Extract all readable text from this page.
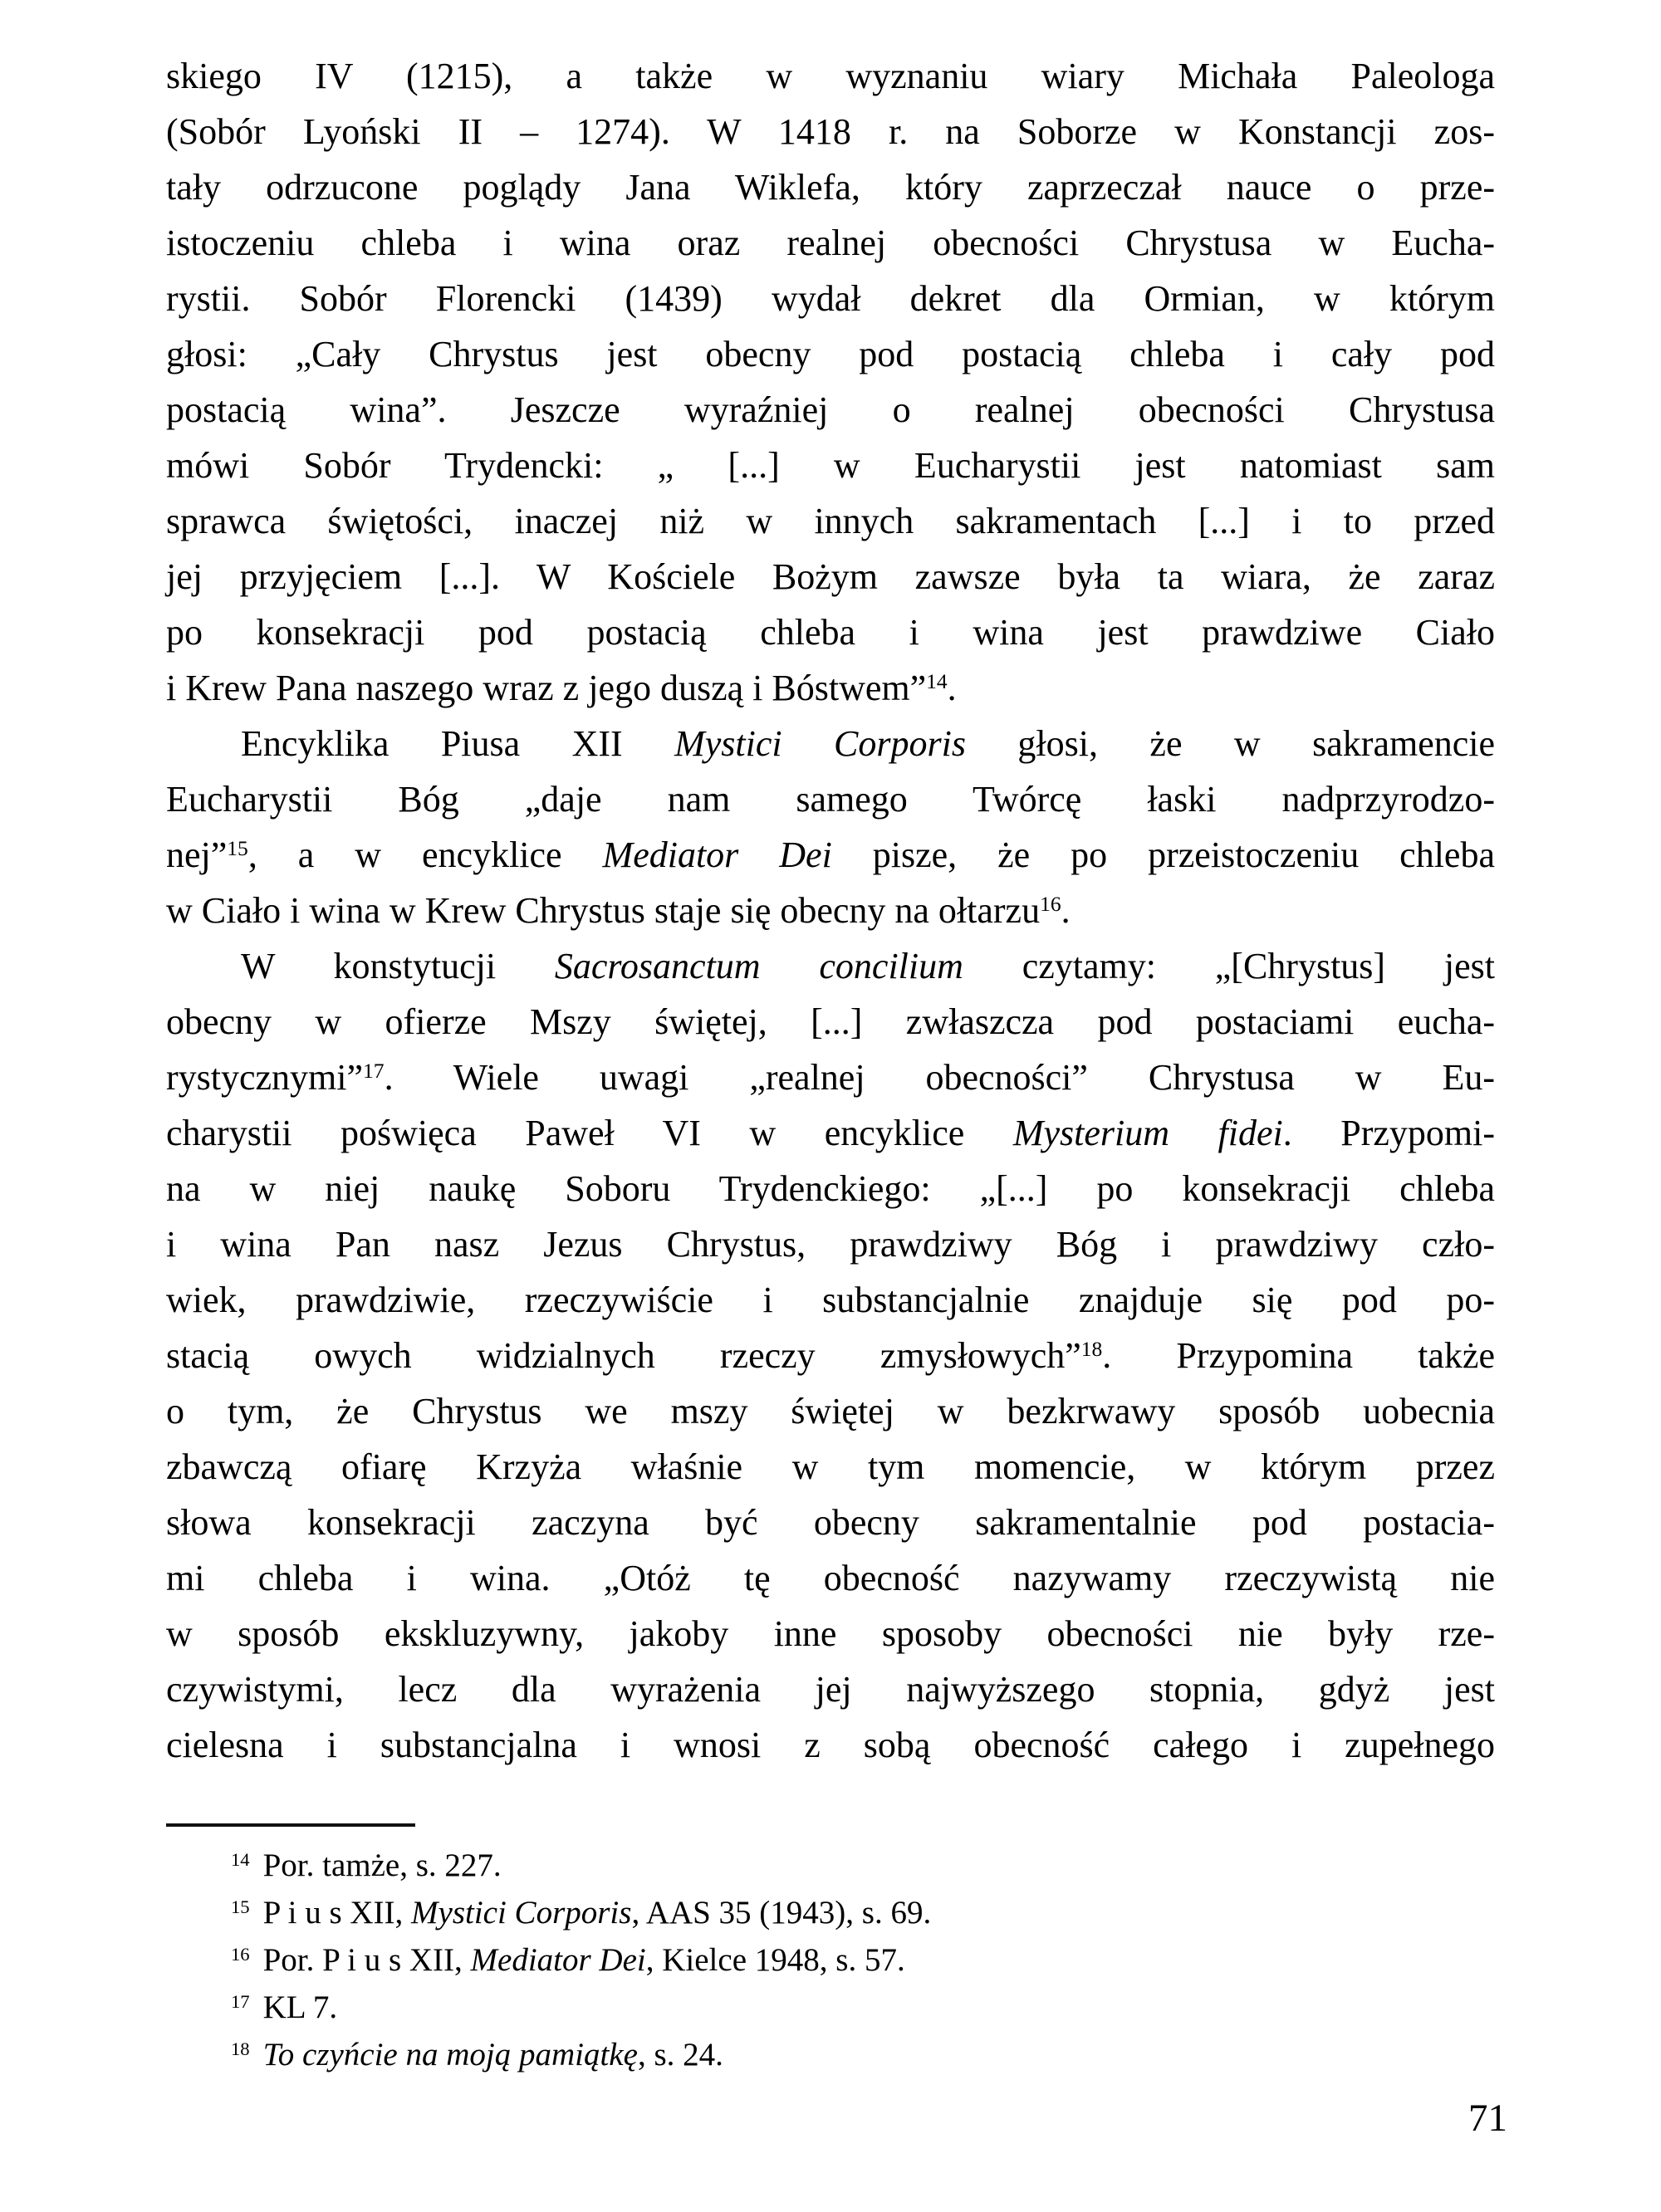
skiego IV (1215), a także w wyznaniu wiary Michała Paleologa
(Sobór Lyoński II – 1274). W 1418 r. na Soborze w Konstancji zos-
tały odrzucone poglądy Jana Wiklefa, który zaprzeczał nauce o prze-
istoczeniu chleba i wina oraz realnej obecności Chrystusa w Eucha-
rystii. Sobór Florencki (1439) wydał dekret dla Ormian, w którym
głosi: „Cały Chrystus jest obecny pod postacią chleba i cały pod
postacią wina”. Jeszcze wyraźniej o realnej obecności Chrystusa
mówi Sobór Trydencki: „ [...] w Eucharystii jest natomiast sam
sprawca świętości, inaczej niż w innych sakramentach [...] i to przed
jej przyjęciem [...]. W Kościele Bożym zawsze była ta wiara, że zaraz
po konsekracji pod postacią chleba i wina jest prawdziwe Ciało
i Krew Pana naszego wraz z jego duszą i Bóstwem”$^{14}$.
Encyklika Piusa XII Mystici Corporis głosi, że w sakramencie
Eucharystii Bóg „daje nam samego Twórcę łaski nadprzyrodzo-
nej”$^{15}$, a w encyklice Mediator Dei pisze, że po przeistoczeniu chleba
w Ciało i wina w Krew Chrystus staje się obecny na ołtarzu$^{16}$.
W konstytucji Sacrosanctum concilium czytamy: „[Chrystus] jest
obecny w ofierze Mszy świętej, [...] zwłaszcza pod postaciami eucha-
rystycznymi”$^{17}$. Wiele uwagi „realnej obecności” Chrystusa w Eu-
charystii poświęca Paweł VI w encyklice Mysterium fidei. Przypomi-
na w niej naukę Soboru Trydenckiego: „[...] po konsekracji chleba
i wina Pan nasz Jezus Chrystus, prawdziwy Bóg i prawdziwy czło-
wiek, prawdziwie, rzeczywiście i substancjalnie znajduje się pod po-
stacią owych widzialnych rzeczy zmysłowych”$^{18}$. Przypomina także
o tym, że Chrystus we mszy świętej w bezkrwawy sposób uobecnia
zbawczą ofiarę Krzyża właśnie w tym momencie, w którym przez
słowa konsekracji zaczyna być obecny sakramentalnie pod postacia-
mi chleba i wina. „Otóż tę obecność nazywamy rzeczywistą nie
w sposób ekskluzywny, jakoby inne sposoby obecności nie były rze-
czywistymi, lecz dla wyrażenia jej najwyższego stopnia, gdyż jest
cielesna i substancjalna i wnosi z sobą obecność całego i zupełnego
$^{14}$ Por. tamże, s. 227.
$^{15}$ P i u s XII, Mystici Corporis, AAS 35 (1943), s. 69.
$^{16}$ Por. P i u s XII, Mediator Dei, Kielce 1948, s. 57.
$^{17}$ KL 7.
$^{18}$ To czyńcie na moją pamiątkę, s. 24.
71
